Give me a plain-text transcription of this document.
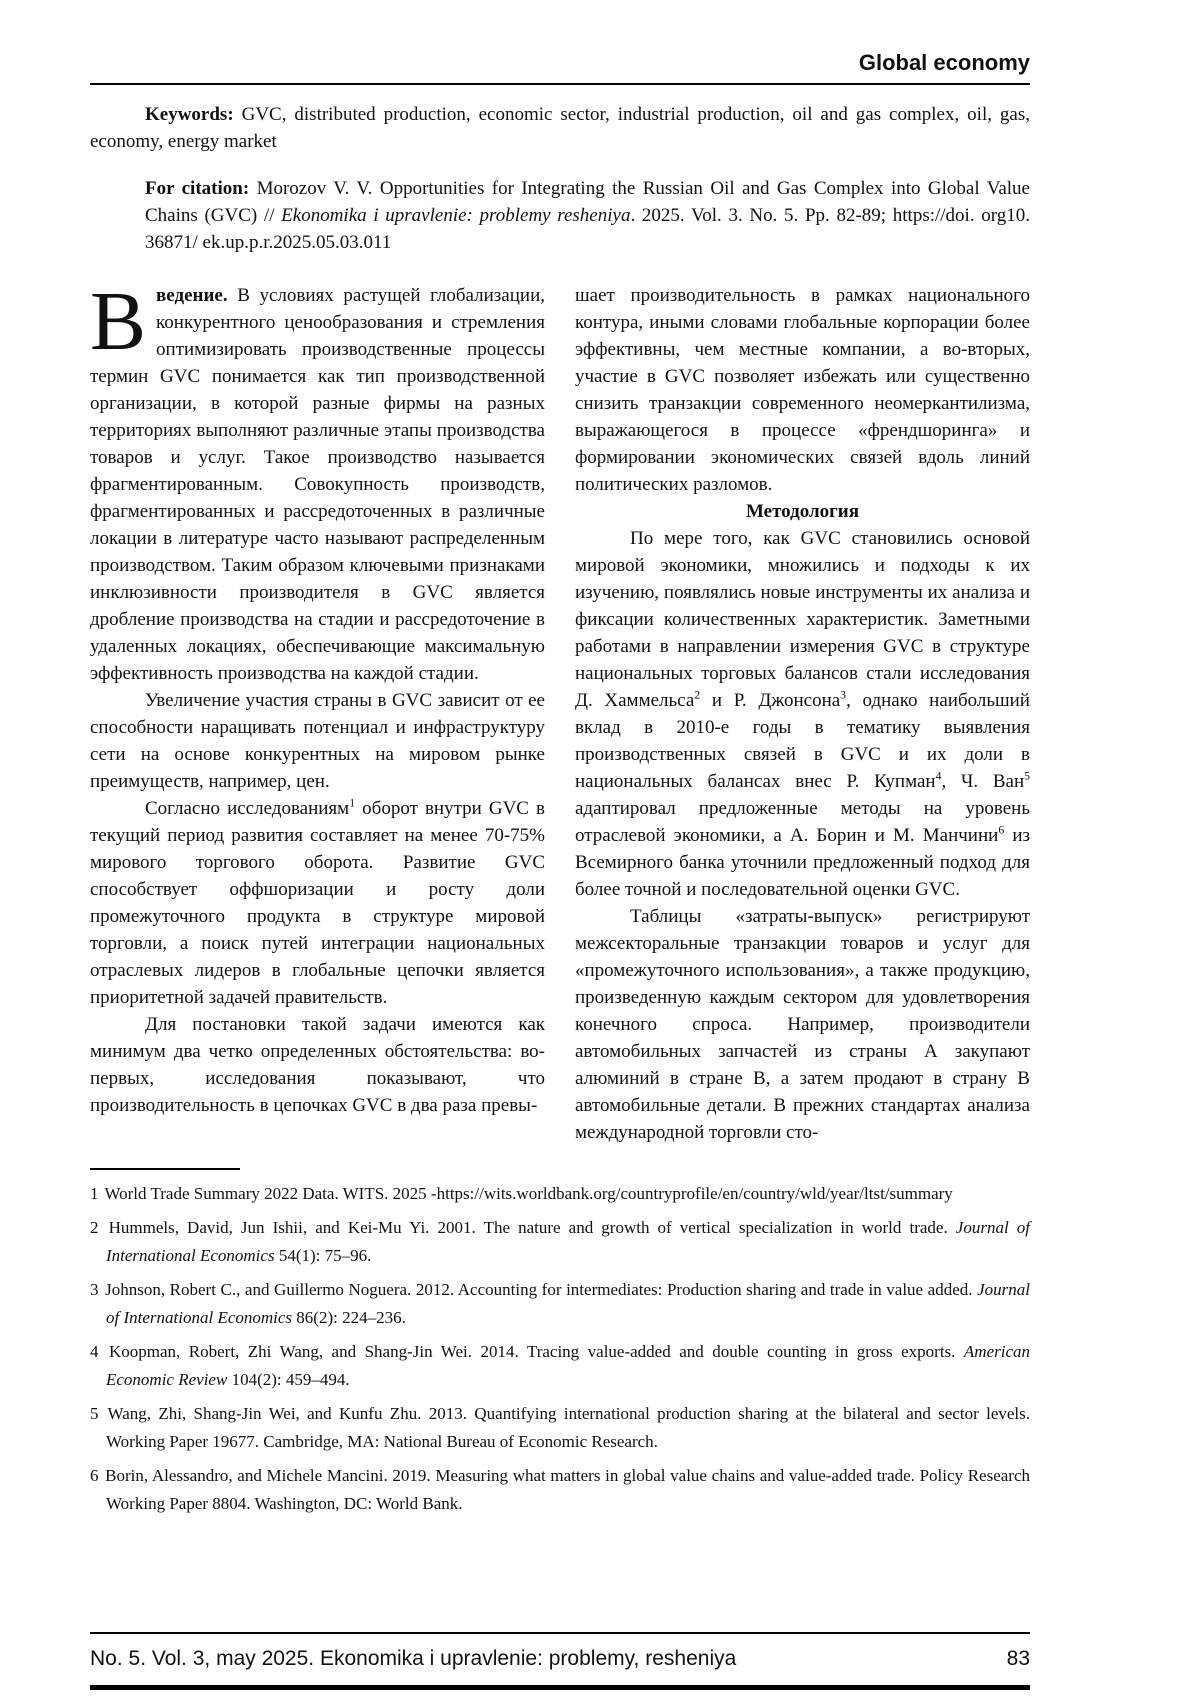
Global economy

Keywords: GVC, distributed production, economic sector, industrial production, oil and gas complex, oil, gas, economy, energy market

For citation: Morozov V. V. Opportunities for Integrating the Russian Oil and Gas Complex into Global Value Chains (GVC) // Ekonomika i upravlenie: problemy resheniya. 2025. Vol. 3. No. 5. Pp. 82-89; https://doi. org10. 36871/ ek.up.p.r.2025.05.03.011

Введение. В условиях растущей глобализации, конкурентного ценообразования и стремления оптимизировать производственные процессы термин GVC понимается как тип производственной организации, в которой разные фирмы на разных территориях выполняют различные этапы производства товаров и услуг. Такое производство называется фрагментированным. Совокупность производств, фрагментированных и рассредоточенных в различные локации в литературе часто называют распределенным производством. Таким образом ключевыми признаками инклюзивности производителя в GVC является дробление производства на стадии и рассредоточение в удаленных локациях, обеспечивающие максимальную эффективность производства на каждой стадии.

Увеличение участия страны в GVC зависит от ее способности наращивать потенциал и инфраструктуру сети на основе конкурентных на мировом рынке преимуществ, например, цен.

Согласно исследованиям$^1$ оборот внутри GVC в текущий период развития составляет на менее 70-75% мирового торгового оборота. Развитие GVC способствует оффшоризации и росту доли промежуточного продукта в структуре мировой торговли, а поиск путей интеграции национальных отраслевых лидеров в глобальные цепочки является приоритетной задачей правительств.

Для постановки такой задачи имеются как минимум два четко определенных обстоятельства: во-первых, исследования показывают, что производительность в цепочках GVC в два раза превы-

шает производительность в рамках национального контура, иными словами глобальные корпорации более эффективны, чем местные компании, а во-вторых, участие в GVC позволяет избежать или существенно снизить транзакции современного неомеркантилизма, выражающегося в процессе «френдшоринга» и формировании экономических связей вдоль линий политических разломов.

Методология

По мере того, как GVC становились основой мировой экономики, множились и подходы к их изучению, появлялись новые инструменты их анализа и фиксации количественных характеристик. Заметными работами в направлении измерения GVC в структуре национальных торговых балансов стали исследования Д. Хаммельса$^2$ и Р. Джонсона$^3$, однако наибольший вклад в 2010-е годы в тематику выявления производственных связей в GVC и их доли в национальных балансах внес Р. Купман$^4$, Ч. Ван$^5$ адаптировал предложенные методы на уровень отраслевой экономики, а А. Борин и М. Манчини$^6$ из Всемирного банка уточнили предложенный подход для более точной и последовательной оценки GVC.

Таблицы «затраты-выпуск» регистрируют межсекторальные транзакции товаров и услуг для «промежуточного использования», а также продукцию, произведенную каждым сектором для удовлетворения конечного спроса. Например, производители автомобильных запчастей из страны А закупают алюминий в стране В, а затем продают в страну В автомобильные детали. В прежних стандартах анализа международной торговли сто-

1 World Trade Summary 2022 Data. WITS. 2025 -https://wits.worldbank.org/countryprofile/en/country/wld/year/ltst/summary
2 Hummels, David, Jun Ishii, and Kei-Mu Yi. 2001. The nature and growth of vertical specialization in world trade. Journal of International Economics 54(1): 75–96.
3 Johnson, Robert C., and Guillermo Noguera. 2012. Accounting for intermediates: Production sharing and trade in value added. Journal of International Economics 86(2): 224–236.
4 Koopman, Robert, Zhi Wang, and Shang-Jin Wei. 2014. Tracing value-added and double counting in gross exports. American Economic Review 104(2): 459–494.
5 Wang, Zhi, Shang-Jin Wei, and Kunfu Zhu. 2013. Quantifying international production sharing at the bilateral and sector levels. Working Paper 19677. Cambridge, MA: National Bureau of Economic Research.
6 Borin, Alessandro, and Michele Mancini. 2019. Measuring what matters in global value chains and value-added trade. Policy Research Working Paper 8804. Washington, DC: World Bank.
No. 5. Vol. 3, may 2025. Ekonomika i upravlenie: problemy, resheniya	83
